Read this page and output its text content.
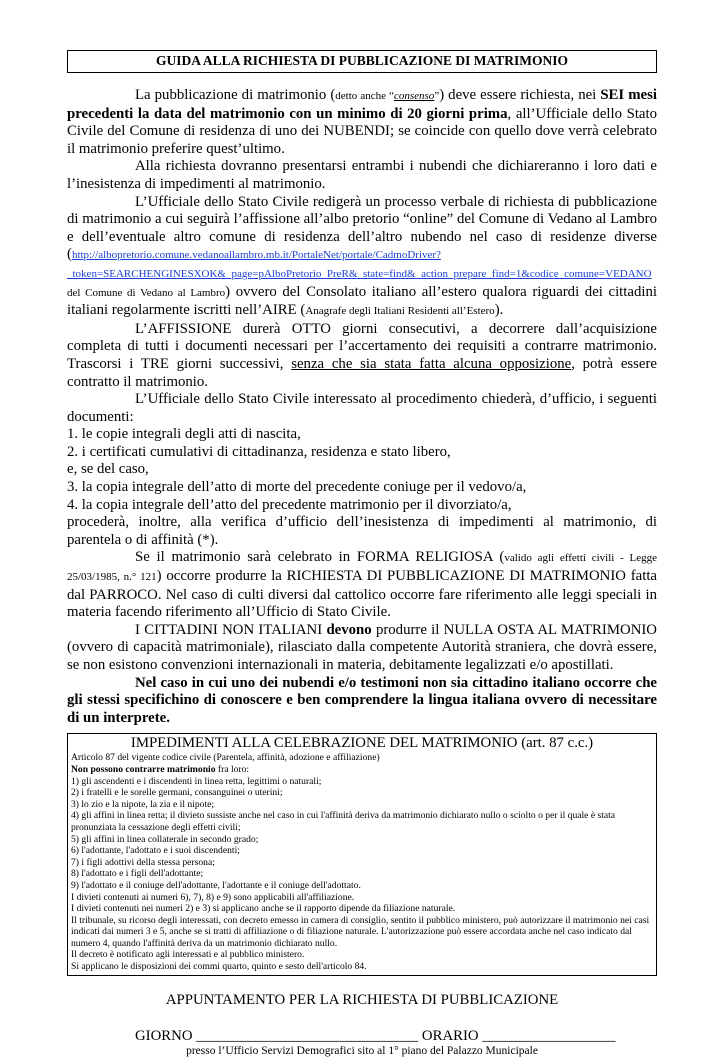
GUIDA ALLA RICHIESTA DI PUBBLICAZIONE DI MATRIMONIO

La pubblicazione di matrimonio (detto anche “consenso”) deve essere richiesta, nei SEI mesi precedenti la data del matrimonio con un minimo di 20 giorni prima, all’Ufficiale dello Stato Civile del Comune di residenza di uno dei NUBENDI; se coincide con quello dove verrà celebrato il matrimonio preferire quest’ultimo.

Alla richiesta dovranno presentarsi entrambi i nubendi che dichiareranno i loro dati e l’inesistenza di impedimenti al matrimonio.

L’Ufficiale dello Stato Civile redigerà un processo verbale di richiesta di pubblicazione di matrimonio a cui seguirà l’affissione all’albo pretorio “online” del Comune di Vedano al Lambro e dell’eventuale altro comune di residenza dell’altro nubendo nel caso di residenze diverse (http://albopretorio.comune.vedanoallambro.mb.it/PortaleNet/portale/CadmoDriver?_token=SEARCHENGINESXOK&_page=pAlboPretorio_PreR&_state=find&_action_prepare_find=1&codice_comune=VEDANO del Comune di Vedano al Lambro) ovvero del Consolato italiano all’estero qualora riguardi dei cittadini italiani regolarmente iscritti nell’AIRE (Anagrafe degli Italiani Residenti all’Estero).

L’AFFISSIONE durerà OTTO giorni consecutivi, a decorrere dall’acquisizione completa di tutti i documenti necessari per l’accertamento dei requisiti a contrarre matrimonio. Trascorsi i TRE giorni successivi, senza che sia stata fatta alcuna opposizione, potrà essere contratto il matrimonio.

L’Ufficiale dello Stato Civile interessato al procedimento chiederà, d’ufficio, i seguenti documenti:

1. le copie integrali degli atti di nascita,

2. i certificati cumulativi di cittadinanza, residenza e stato libero,

e, se del caso,

3. la copia integrale dell’atto di morte del precedente coniuge per il vedovo/a,

4. la copia integrale dell’atto del precedente matrimonio per il divorziato/a,

procederà, inoltre, alla verifica d’ufficio dell’inesistenza di impedimenti al matrimonio, di parentela o di affinità (*).

Se il matrimonio sarà celebrato in FORMA RELIGIOSA (valido agli effetti civili - Legge 25/03/1985, n.° 121) occorre produrre la RICHIESTA DI PUBBLICAZIONE DI MATRIMONIO fatta dal PARROCO. Nel caso di culti diversi dal cattolico occorre fare riferimento alle leggi speciali in materia facendo riferimento all’Ufficio di Stato Civile.

I CITTADINI NON ITALIANI devono produrre il NULLA OSTA AL MATRIMONIO (ovvero di capacità matrimoniale), rilasciato dalla competente Autorità straniera, che dovrà essere, se non esistono convenzioni internazionali in materia, debitamente legalizzati e/o apostillati.

Nel caso in cui uno dei nubendi e/o testimoni non sia cittadino italiano occorre che gli stessi specifichino di conoscere e ben comprendere la lingua italiana ovvero di necessitare di un interprete.

IMPEDIMENTI ALLA CELEBRAZIONE DEL MATRIMONIO (art. 87 c.c.)
Articolo 87 del vigente codice civile (Parentela, affinità, adozione e affiliazione)
Non possono contrarre matrimonio fra loro:
1) gli ascendenti e i discendenti in linea retta, legittimi o naturali;
2) i fratelli e le sorelle germani, consanguinei o uterini;
3) lo zio e la nipote, la zia e il nipote;
4) gli affini in linea retta; il divieto sussiste anche nel caso in cui l'affinità deriva da matrimonio dichiarato nullo o sciolto o per il quale è stata pronunziata la cessazione degli effetti civili;
5) gli affini in linea collaterale in secondo grado;
6) l'adottante, l'adottato e i suoi discendenti;
7) i figli adottivi della stessa persona;
8) l'adottato e i figli dell'adottante;
9) l'adottato e il coniuge dell'adottante, l'adottante e il coniuge dell'adottato.
I divieti contenuti ai numeri 6), 7), 8) e 9) sono applicabili all'affiliazione.
I divieti contenuti nei numeri 2) e 3) si applicano anche se il rapporto dipende da filiazione naturale.
Il tribunale, su ricorso degli interessati, con decreto emesso in camera di consiglio, sentito il pubblico ministero, può autorizzare il matrimonio nei casi indicati dai numeri 3 e 5, anche se si tratti di affiliazione o di filiazione naturale. L'autorizzazione può essere accordata anche nel caso indicato dal numero 4, quando l'affinità deriva da un matrimonio dichiarato nullo.
Il decreto è notificato agli interessati e al pubblico ministero.
Si applicano le disposizioni dei commi quarto, quinto e sesto dell'articolo 84.
APPUNTAMENTO PER LA RICHIESTA DI PUBBLICAZIONE
GIORNO ______________________________ ORARIO __________________
presso l’Ufficio Servizi Demografici sito al 1° piano del Palazzo Municipale
